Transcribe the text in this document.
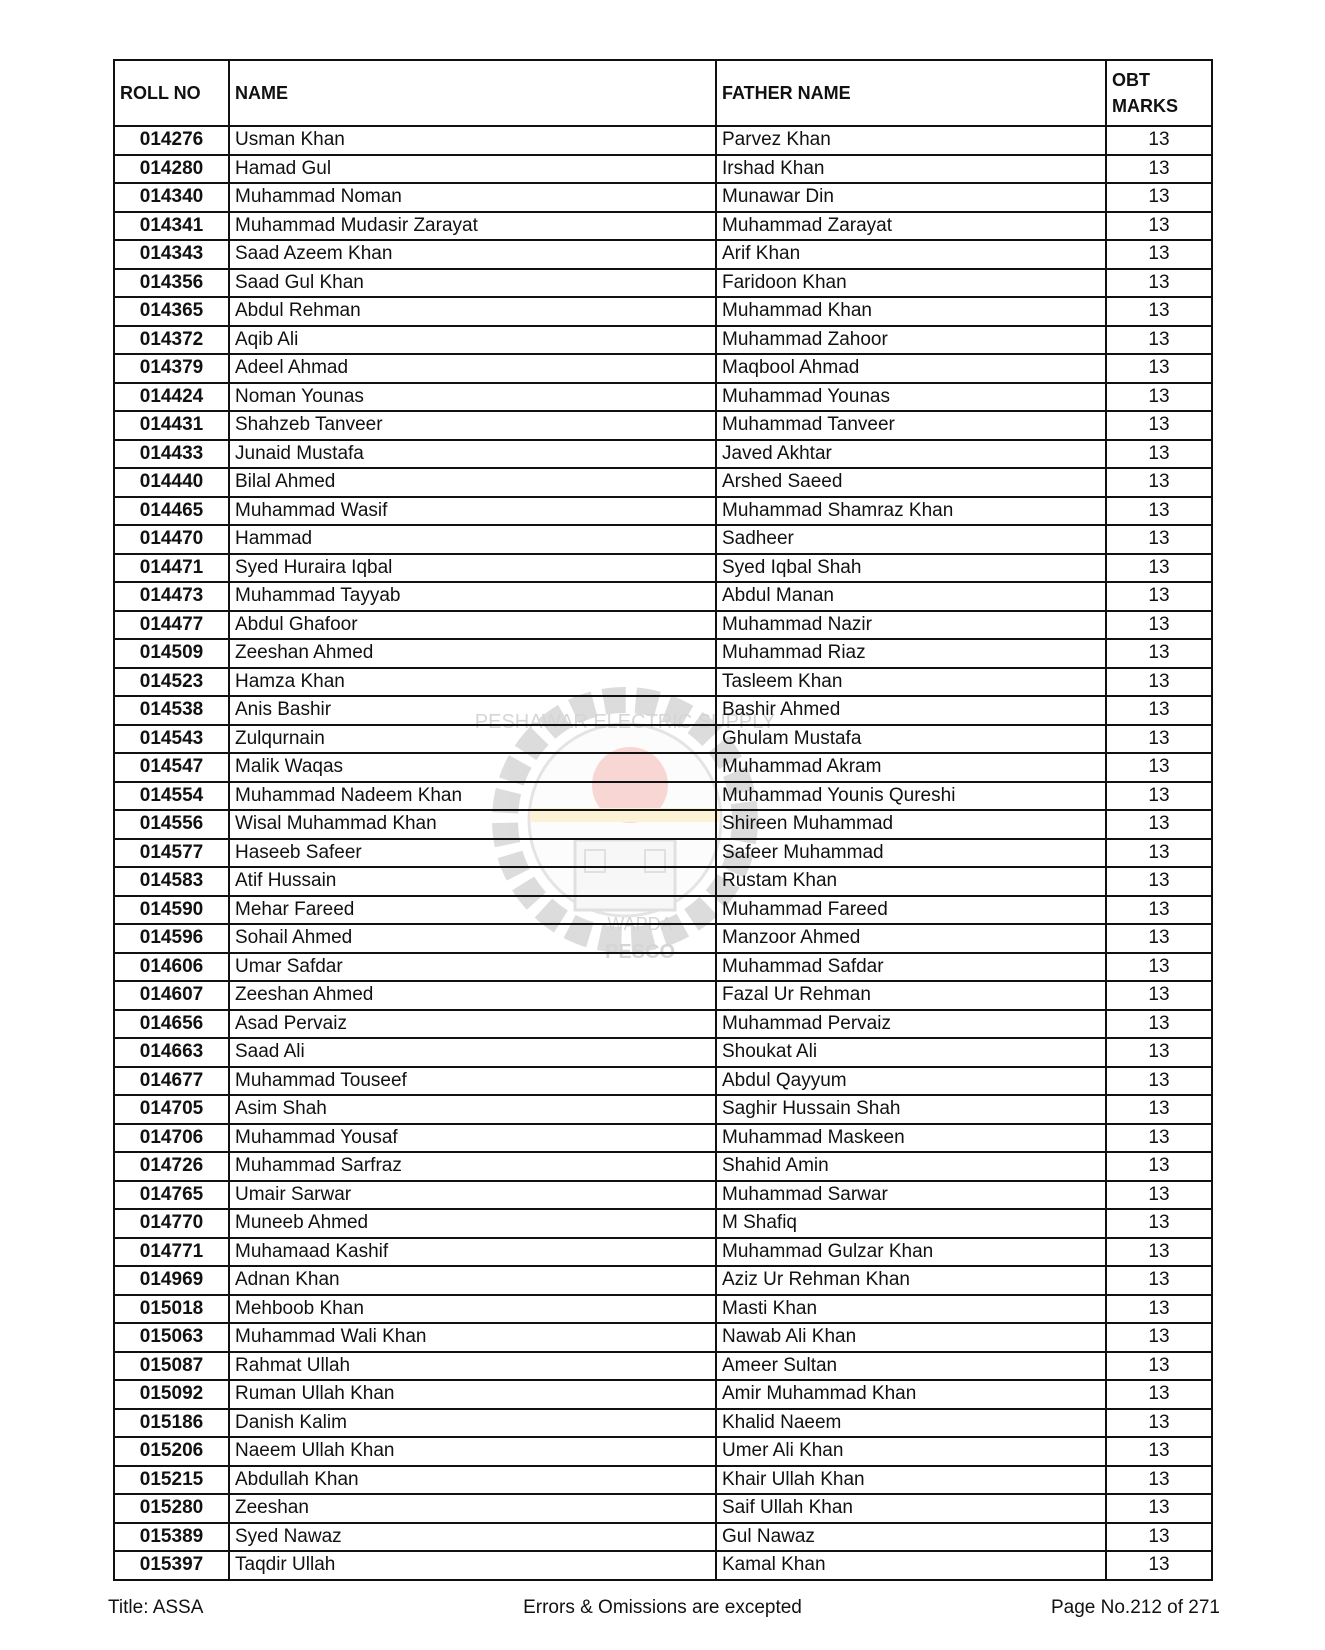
PESHAWAR ELECTRIC SUPPLY
WAPDA
PESCO
ROLL NO	NAME	FATHER NAME	OBT
MARKS
014276	Usman Khan	Parvez Khan	13
014280	Hamad Gul	Irshad Khan	13
014340	Muhammad Noman	Munawar Din	13
014341	Muhammad Mudasir Zarayat	Muhammad Zarayat	13
014343	Saad Azeem Khan	Arif Khan	13
014356	Saad Gul Khan	Faridoon Khan	13
014365	Abdul Rehman	Muhammad Khan	13
014372	Aqib Ali	Muhammad Zahoor	13
014379	Adeel Ahmad	Maqbool Ahmad	13
014424	Noman Younas	Muhammad Younas	13
014431	Shahzeb Tanveer	Muhammad Tanveer	13
014433	Junaid Mustafa	Javed Akhtar	13
014440	Bilal Ahmed	Arshed Saeed	13
014465	Muhammad Wasif	Muhammad Shamraz Khan	13
014470	Hammad	Sadheer	13
014471	Syed Huraira Iqbal	Syed Iqbal Shah	13
014473	Muhammad Tayyab	Abdul Manan	13
014477	Abdul Ghafoor	Muhammad Nazir	13
014509	Zeeshan Ahmed	Muhammad Riaz	13
014523	Hamza Khan	Tasleem Khan	13
014538	Anis Bashir	Bashir Ahmed	13
014543	Zulqurnain	Ghulam Mustafa	13
014547	Malik Waqas	Muhammad Akram	13
014554	Muhammad Nadeem Khan	Muhammad Younis Qureshi	13
014556	Wisal Muhammad Khan	Shireen Muhammad	13
014577	Haseeb Safeer	Safeer Muhammad	13
014583	Atif Hussain	Rustam Khan	13
014590	Mehar Fareed	Muhammad Fareed	13
014596	Sohail Ahmed	Manzoor Ahmed	13
014606	Umar Safdar	Muhammad Safdar	13
014607	Zeeshan Ahmed	Fazal Ur Rehman	13
014656	Asad Pervaiz	Muhammad Pervaiz	13
014663	Saad Ali	Shoukat Ali	13
014677	Muhammad Touseef	Abdul Qayyum	13
014705	Asim Shah	Saghir Hussain Shah	13
014706	Muhammad Yousaf	Muhammad Maskeen	13
014726	Muhammad Sarfraz	Shahid Amin	13
014765	Umair Sarwar	Muhammad Sarwar	13
014770	Muneeb Ahmed	M Shafiq	13
014771	Muhamaad Kashif	Muhammad Gulzar Khan	13
014969	Adnan Khan	Aziz Ur Rehman Khan	13
015018	Mehboob Khan	Masti Khan	13
015063	Muhammad Wali Khan	Nawab Ali Khan	13
015087	Rahmat Ullah	Ameer Sultan	13
015092	Ruman Ullah Khan	Amir Muhammad Khan	13
015186	Danish Kalim	Khalid Naeem	13
015206	Naeem Ullah Khan	Umer Ali Khan	13
015215	Abdullah Khan	Khair Ullah Khan	13
015280	Zeeshan	Saif Ullah Khan	13
015389	Syed Nawaz	Gul Nawaz	13
015397	Taqdir Ullah	Kamal Khan	13
Title: ASSA	Errors & Omissions are excepted	Page No.212 of 271
